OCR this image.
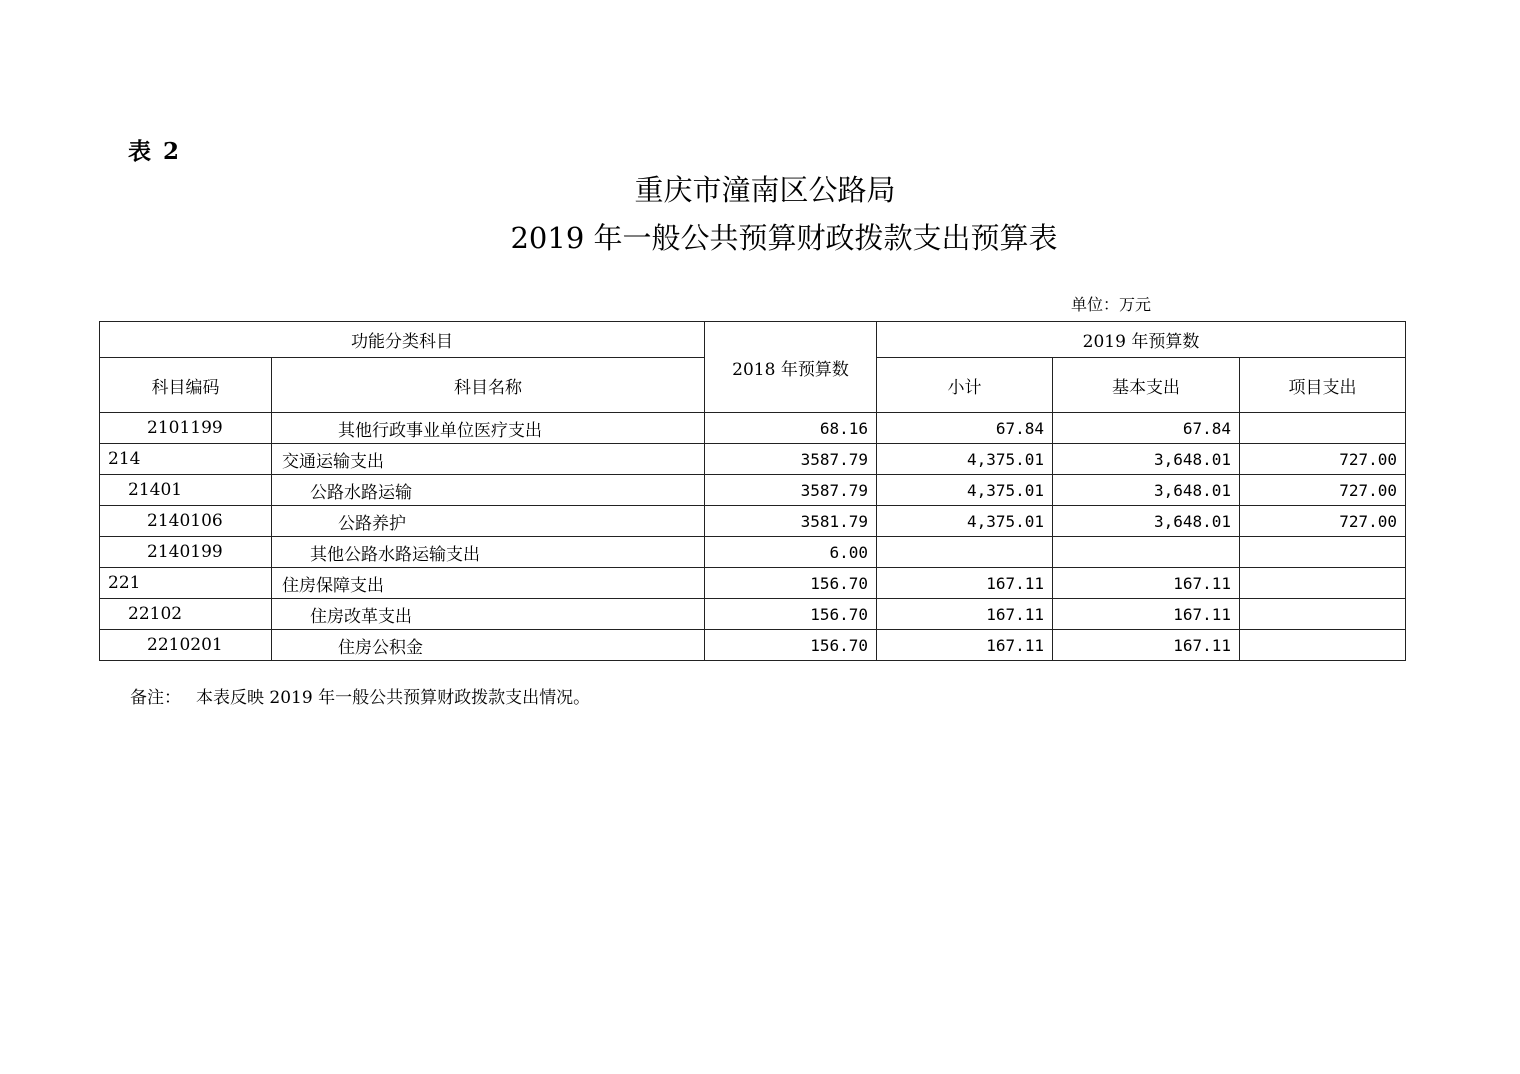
表 2
重庆市潼南区公路局
2019 年一般公共预算财政拨款支出预算表
单位：万元
功能分类科目		2018 年预算数	2019 年预算数		
科目编码	科目名称		小计	基本支出	项目支出
2101199	其他行政事业单位医疗支出	68.16	67.84	67.84	
214	交通运输支出	3587.79	4,375.01	3,648.01	727.00
21401	公路水路运输	3587.79	4,375.01	3,648.01	727.00
2140106	公路养护	3581.79	4,375.01	3,648.01	727.00
2140199	其他公路水路运输支出	6.00			
221	住房保障支出	156.70	167.11	167.11	
22102	住房改革支出	156.70	167.11	167.11	
2210201	住房公积金	156.70	167.11	167.11	
备注： 本表反映 2019 年一般公共预算财政拨款支出情况。
